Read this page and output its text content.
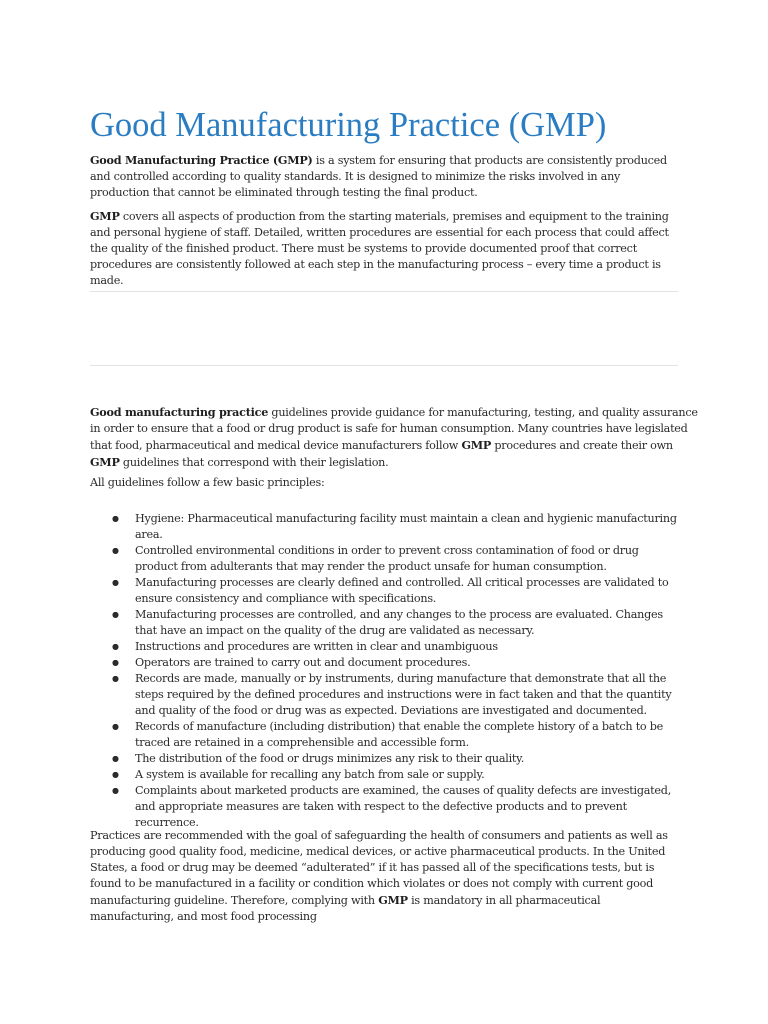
Good Manufacturing Practice (GMP)

Good Manufacturing Practice (GMP) is a system for ensuring that products are consistently produced and controlled according to quality standards. It is designed to minimize the risks involved in any production that cannot be eliminated through testing the final product.

GMP covers all aspects of production from the starting materials, premises and equipment to the training and personal hygiene of staff. Detailed, written procedures are essential for each process that could affect the quality of the finished product. There must be systems to provide documented proof that correct procedures are consistently followed at each step in the manufacturing process – every time a product is made.

Good manufacturing practice guidelines provide guidance for manufacturing, testing, and quality assurance in order to ensure that a food or drug product is safe for human consumption. Many countries have legislated that food, pharmaceutical and medical device manufacturers follow GMP procedures and create their own GMP guidelines that correspond with their legislation.

All guidelines follow a few basic principles:

● Hygiene: Pharmaceutical manufacturing facility must maintain a clean and hygienic manufacturing area.
● Controlled environmental conditions in order to prevent cross contamination of food or drug product from adulterants that may render the product unsafe for human consumption.
● Manufacturing processes are clearly defined and controlled. All critical processes are validated to ensure consistency and compliance with specifications.
● Manufacturing processes are controlled, and any changes to the process are evaluated. Changes that have an impact on the quality of the drug are validated as necessary.
● Instructions and procedures are written in clear and unambiguous
● Operators are trained to carry out and document procedures.
● Records are made, manually or by instruments, during manufacture that demonstrate that all the steps required by the defined procedures and instructions were in fact taken and that the quantity and quality of the food or drug was as expected. Deviations are investigated and documented.
● Records of manufacture (including distribution) that enable the complete history of a batch to be traced are retained in a comprehensible and accessible form.
● The distribution of the food or drugs minimizes any risk to their quality.
● A system is available for recalling any batch from sale or supply.
● Complaints about marketed products are examined, the causes of quality defects are investigated, and appropriate measures are taken with respect to the defective products and to prevent recurrence.

Practices are recommended with the goal of safeguarding the health of consumers and patients as well as producing good quality food, medicine, medical devices, or active pharmaceutical products. In the United States, a food or drug may be deemed “adulterated” if it has passed all of the specifications tests, but is found to be manufactured in a facility or condition which violates or does not comply with current good manufacturing guideline. Therefore, complying with GMP is mandatory in all pharmaceutical manufacturing, and most food processing
